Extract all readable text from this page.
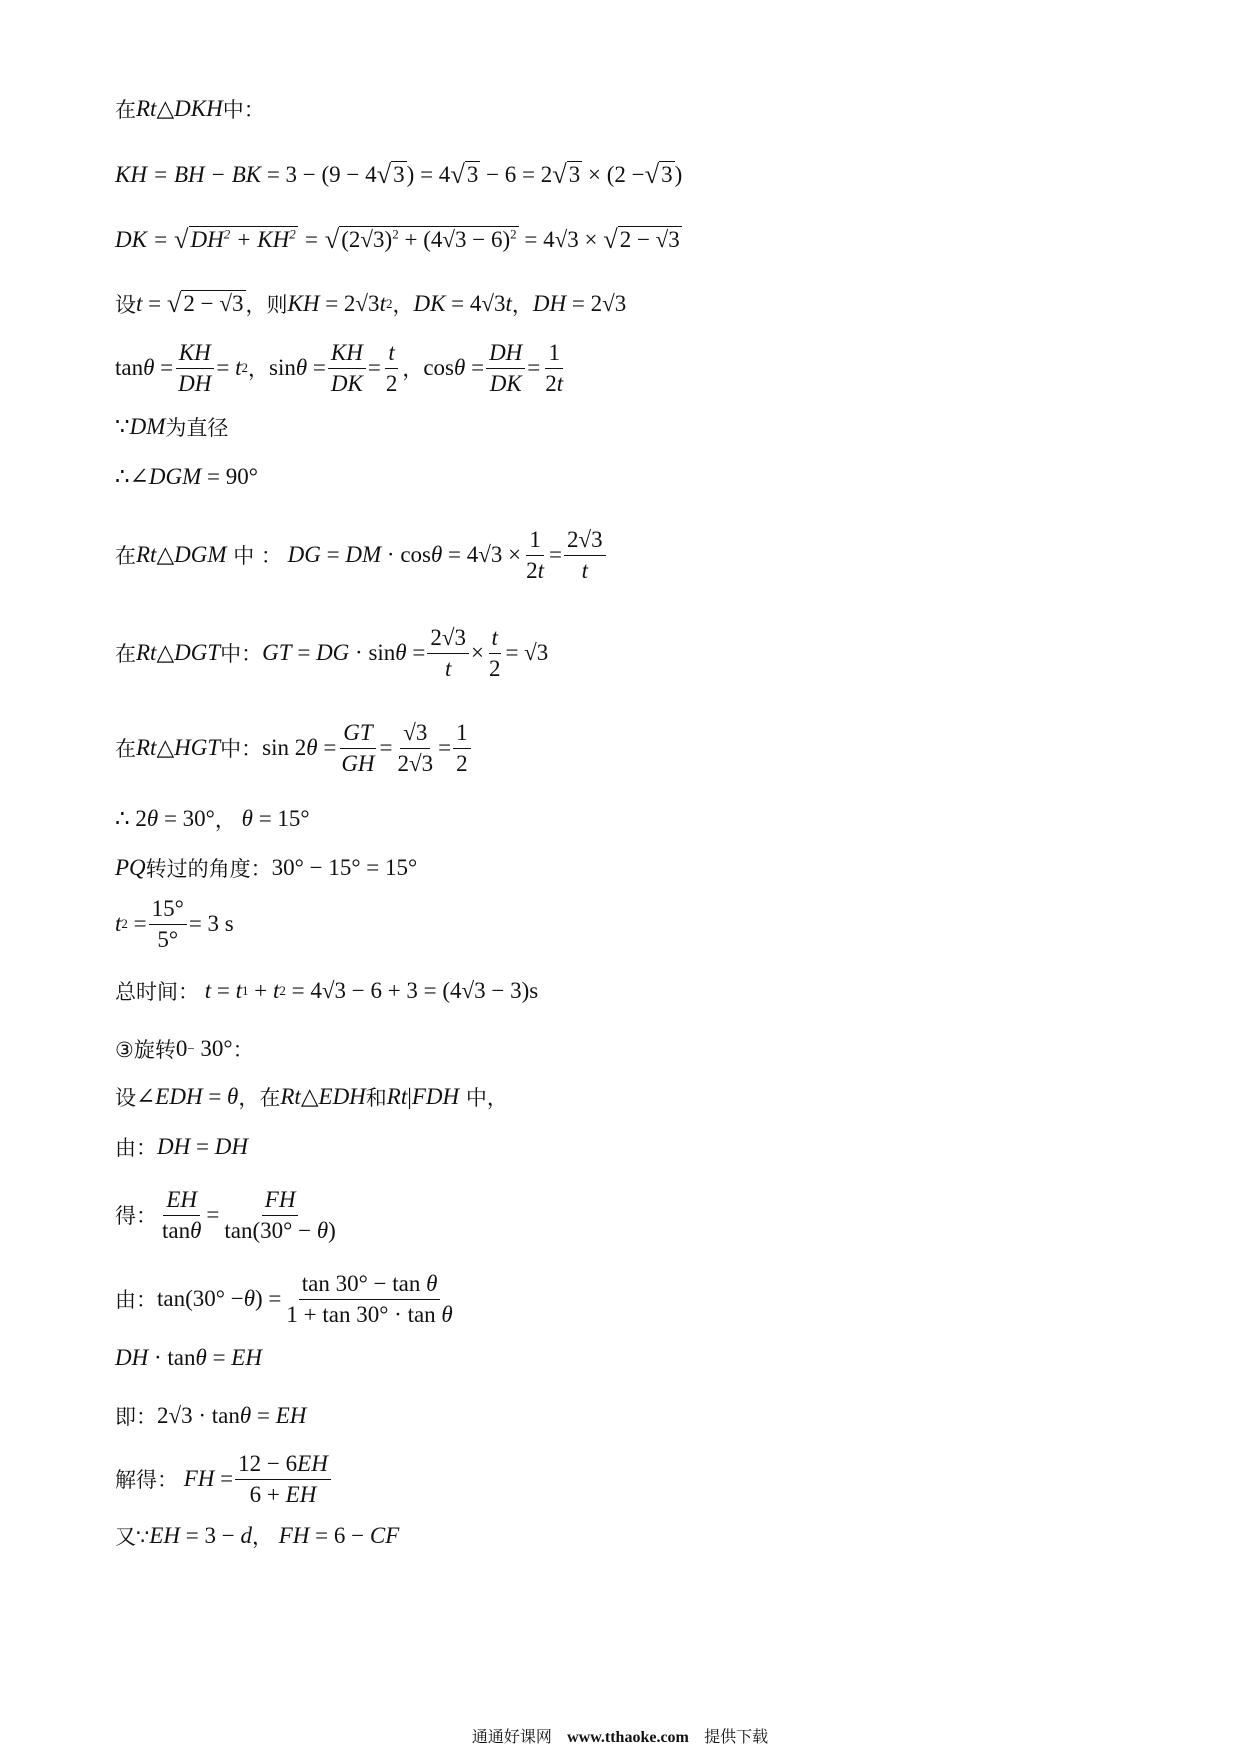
在 Rt △ DKH 中：
KH = BH − BK = 3 − (9 − 4 √ 3 ) = 4 √ 3 − 6 = 2 √ 3 × (2 − √ 3 )
DK = √ $DH^2 + KH^2$ = √ $(2√3)^2 + (4√3 - 6)^2 = 4√3$ × √ 2 − √3
设 t = √ 2 − √3 ，则 KH = 2√3 t 2 ， DK = 4√3 t ， DH = 2√3
$\tan \theta = \frac{KH}{DH} = t$ 2 ， $\sin \theta = \frac{KH}{DK} = \frac{t}{2}$ ， $\cos \theta = \frac{DH}{DK} = \frac{1}{2t}$
∵ DM 为直径
∴∠ DGM = 90°
在 Rt △ DGM 中 ：
DG = DM · $\cos \theta = 4√3 \times \frac{1}{2t} = \frac{2√3}{t}$
在 Rt △ DGT 中： GT = DG · $\sin \theta = \frac{2√3}{t} \times \frac{t}{2} = √3$
在 Rt △ HGT 中： sin 2 $\theta = \frac{GT}{GH} = \frac{√3}{2√3} = \frac{1}{2}$
∴ 2 θ = 30° ，
θ = 15°
PQ 转过的角度： 30° − 15° = 15°
t $2 = \frac{15^\circ}{5^\circ} = 3$ s
总时间：
t = t 1 + t 2 = 4√3 − 6 + 3 = (4√3 − 3)s
③旋转 0 − 30° ：
设 ∠ EDH = θ ，在 Rt △ EDH 和 Rt | FDH 中，
由： DH = DH
得： $\frac{EH}{\tan\theta} = \frac{FH}{\tan(30^\circ - \theta)}$
由： tan(30° − θ ) = $\frac{\text{tan 30° − tan θ}}{\text{1 + tan 30° · tan θ}}$
DH · tan θ = EH
即： 2√3 · tan θ = EH
解得：
FH = $\frac{12 - 6EH}{6 + EH}$
又∵ EH = 3 − d ，
FH = 6 − CF
通通好课网 www.tthaoke.com 提供下载
